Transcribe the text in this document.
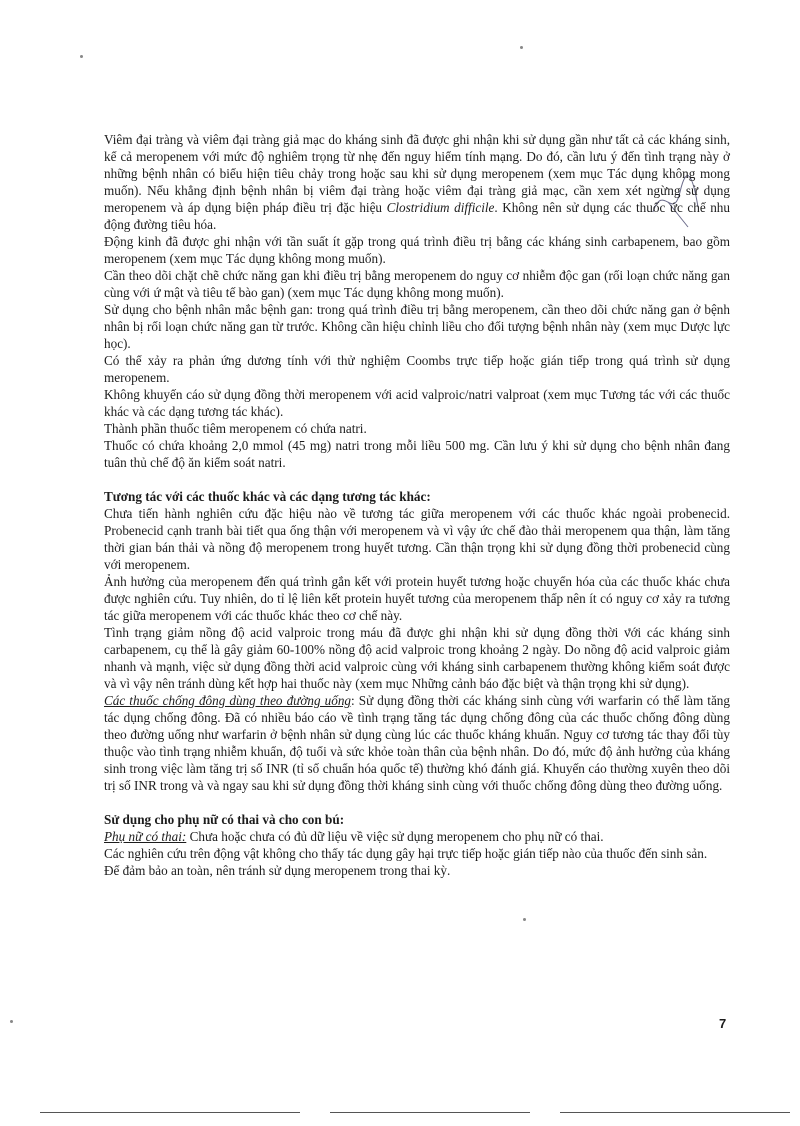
Viêm đại tràng và viêm đại tràng giả mạc do kháng sinh đã được ghi nhận khi sử dụng gần như tất cả các kháng sinh, kể cả meropenem với mức độ nghiêm trọng từ nhẹ đến nguy hiểm tính mạng. Do đó, cần lưu ý đến tình trạng này ở những bệnh nhân có biểu hiện tiêu chảy trong hoặc sau khi sử dụng meropenem (xem mục Tác dụng không mong muốn). Nếu khẳng định bệnh nhân bị viêm đại tràng hoặc viêm đại tràng giả mạc, cần xem xét ngừng sử dụng meropenem và áp dụng biện pháp điều trị đặc hiệu Clostridium difficile. Không nên sử dụng các thuốc ức chế nhu động đường tiêu hóa.

Động kinh đã được ghi nhận với tần suất ít gặp trong quá trình điều trị bằng các kháng sinh carbapenem, bao gồm meropenem (xem mục Tác dụng không mong muốn).

Cần theo dõi chặt chẽ chức năng gan khi điều trị bằng meropenem do nguy cơ nhiễm độc gan (rối loạn chức năng gan cùng với ứ mật và tiêu tế bào gan) (xem mục Tác dụng không mong muốn).

Sử dụng cho bệnh nhân mắc bệnh gan: trong quá trình điều trị bằng meropenem, cần theo dõi chức năng gan ở bệnh nhân bị rối loạn chức năng gan từ trước. Không cần hiệu chỉnh liều cho đối tượng bệnh nhân này (xem mục Dược lực học).

Có thể xảy ra phản ứng dương tính với thử nghiệm Coombs trực tiếp hoặc gián tiếp trong quá trình sử dụng meropenem.

Không khuyến cáo sử dụng đồng thời meropenem với acid valproic/natri valproat (xem mục Tương tác với các thuốc khác và các dạng tương tác khác).

Thành phần thuốc tiêm meropenem có chứa natri.

Thuốc có chứa khoảng 2,0 mmol (45 mg) natri trong mỗi liều 500 mg. Cần lưu ý khi sử dụng cho bệnh nhân đang tuân thủ chế độ ăn kiểm soát natri.

Tương tác với các thuốc khác và các dạng tương tác khác:

Chưa tiến hành nghiên cứu đặc hiệu nào về tương tác giữa meropenem với các thuốc khác ngoài probenecid. Probenecid cạnh tranh bài tiết qua ống thận với meropenem và vì vậy ức chế đào thải meropenem qua thận, làm tăng thời gian bán thải và nồng độ meropenem trong huyết tương. Cần thận trọng khi sử dụng đồng thời probenecid cùng với meropenem.

Ảnh hưởng của meropenem đến quá trình gắn kết với protein huyết tương hoặc chuyển hóa của các thuốc khác chưa được nghiên cứu. Tuy nhiên, do tỉ lệ liên kết protein huyết tương của meropenem thấp nên ít có nguy cơ xảy ra tương tác giữa meropenem với các thuốc khác theo cơ chế này.

Tình trạng giảm nồng độ acid valproic trong máu đã được ghi nhận khi sử dụng đồng thời với các kháng sinh carbapenem, cụ thể là gây giảm 60-100% nồng độ acid valproic trong khoảng 2 ngày. Do nồng độ acid valproic giảm nhanh và mạnh, việc sử dụng đồng thời acid valproic cùng với kháng sinh carbapenem thường không kiểm soát được và vì vậy nên tránh dùng kết hợp hai thuốc này (xem mục Những cảnh báo đặc biệt và thận trọng khi sử dụng).

Các thuốc chống đông dùng theo đường uống: Sử dụng đồng thời các kháng sinh cùng với warfarin có thể làm tăng tác dụng chống đông. Đã có nhiều báo cáo về tình trạng tăng tác dụng chống đông của các thuốc chống đông dùng theo đường uống như warfarin ở bệnh nhân sử dụng cùng lúc các thuốc kháng khuẩn. Nguy cơ tương tác thay đổi tùy thuộc vào tình trạng nhiễm khuẩn, độ tuổi và sức khỏe toàn thân của bệnh nhân. Do đó, mức độ ảnh hưởng của kháng sinh trong việc làm tăng trị số INR (tỉ số chuẩn hóa quốc tế) thường khó đánh giá. Khuyến cáo thường xuyên theo dõi trị số INR trong và và ngay sau khi sử dụng đồng thời kháng sinh cùng với thuốc chống đông dùng theo đường uống.

Sử dụng cho phụ nữ có thai và cho con bú:

Phụ nữ có thai: Chưa hoặc chưa có đủ dữ liệu về việc sử dụng meropenem cho phụ nữ có thai.

Các nghiên cứu trên động vật không cho thấy tác dụng gây hại trực tiếp hoặc gián tiếp nào của thuốc đến sinh sản.

Để đảm bảo an toàn, nên tránh sử dụng meropenem trong thai kỳ.

7
